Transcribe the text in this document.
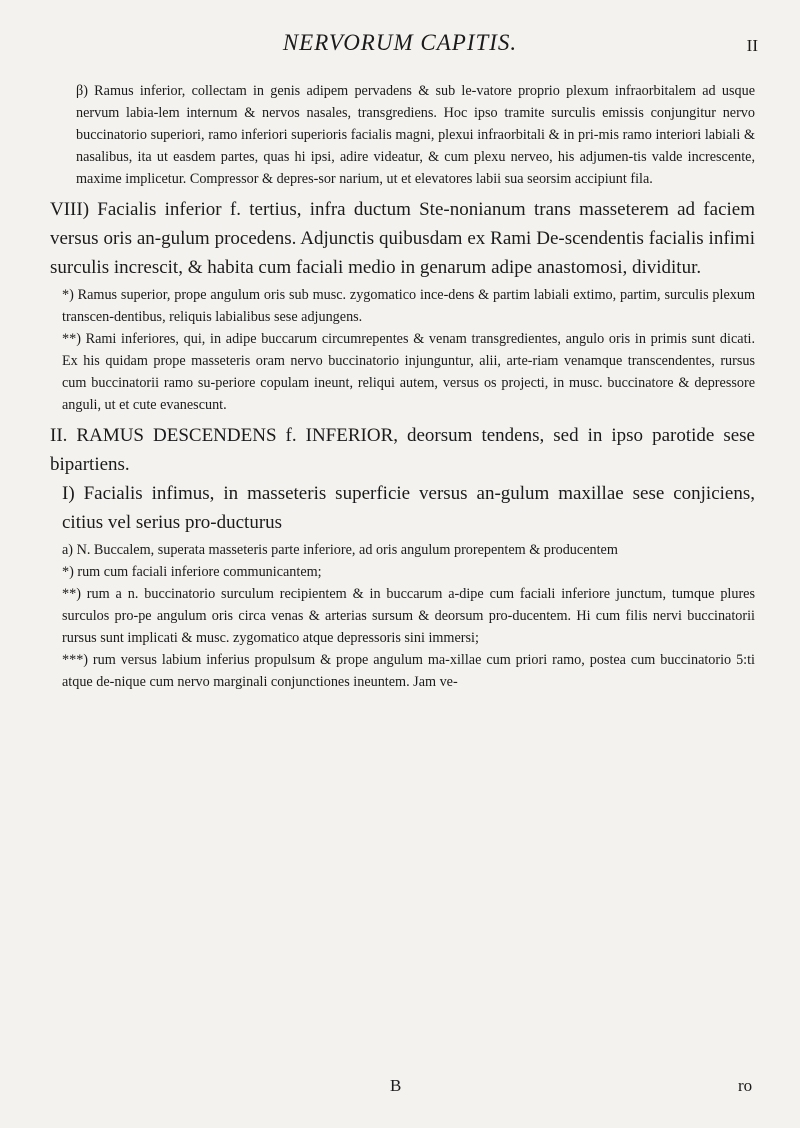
NERVORUM CAPITIS.	II

β) Ramus inferior, collectam in genis adipem pervadens & sub le-vatore proprio plexum infraorbitalem ad usque nervum labia-lem internum & nervos nasales, transgrediens. Hoc ipso tramite surculis emissis conjungitur nervo buccinatorio superiori, ramo inferiori superioris facialis magni, plexui infraorbitali & in pri-mis ramo interiori labiali & nasalibus, ita ut easdem partes, quas hi ipsi, adire videatur, & cum plexu nerveo, his adjumen-tis valde increscente, maxime implicetur. Compressor & depres-sor narium, ut et elevatores labii sua seorsim accipiunt fila.

VIII) Facialis inferior f. tertius, infra ductum Ste-nonianum trans masseterem ad faciem versus oris an-gulum procedens. Adjunctis quibusdam ex Rami De-scendentis facialis infimi surculis increscit, & habita cum faciali medio in genarum adipe anastomosi, dividitur.

*) Ramus superior, prope angulum oris sub musc. zygomatico ince-dens & partim labiali extimo, partim, surculis plexum transcen-dentibus, reliquis labialibus sese adjungens.

**) Rami inferiores, qui, in adipe buccarum circumrepentes & venam transgredientes, angulo oris in primis sunt dicati. Ex his quidam prope masseteris oram nervo buccinatorio injunguntur, alii, arte-riam venamque transcendentes, rursus cum buccinatorii ramo su-periore copulam ineunt, reliqui autem, versus os projecti, in musc. buccinatore & depressore anguli, ut et cute evanescunt.

II. RAMUS DESCENDENS f. INFERIOR, deorsum tendens, sed in ipso parotide sese bipartiens.

I) Facialis infimus, in masseteris superficie versus an-gulum maxillae sese conjiciens, citius vel serius pro-ducturus

a) N. Buccalem, superata masseteris parte inferiore, ad oris angulum prorepentem & producentem

*) rum cum faciali inferiore communicantem;

**) rum a n. buccinatorio surculum recipientem & in buccarum a-dipe cum faciali inferiore junctum, tumque plures surculos pro-pe angulum oris circa venas & arterias sursum & deorsum pro-ducentem. Hi cum filis nervi buccinatorii rursus sunt implicati & musc. zygomatico atque depressoris sini immersi;

***) rum versus labium inferius propulsum & prope angulum ma-xillae cum priori ramo, postea cum buccinatorio 5:ti atque de-nique cum nervo marginali conjunctiones ineuntem. Jam ve-

B	ro
